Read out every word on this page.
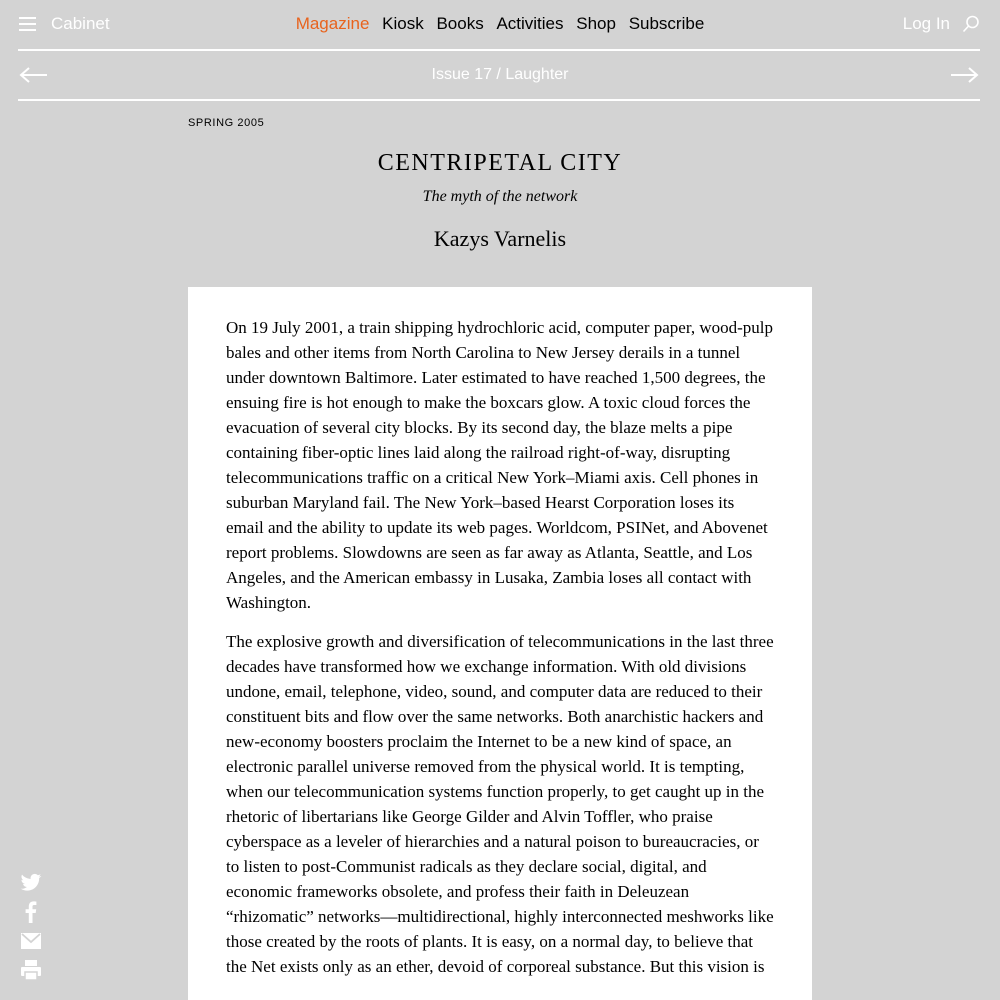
Cabinet	Magazine Kiosk Books Activities Shop Subscribe	Log In
Issue 17 / Laughter
SPRING 2005
CENTRIPETAL CITY
The myth of the network
Kazys Varnelis

On 19 July 2001, a train shipping hydrochloric acid, computer paper, wood-pulp bales and other items from North Carolina to New Jersey derails in a tunnel under downtown Baltimore. Later estimated to have reached 1,500 degrees, the ensuing fire is hot enough to make the boxcars glow. A toxic cloud forces the evacuation of several city blocks. By its second day, the blaze melts a pipe containing fiber-optic lines laid along the railroad right-of-way, disrupting telecommunications traffic on a critical New York–Miami axis. Cell phones in suburban Maryland fail. The New York–based Hearst Corporation loses its email and the ability to update its web pages. Worldcom, PSINet, and Abovenet report problems. Slowdowns are seen as far away as Atlanta, Seattle, and Los Angeles, and the American embassy in Lusaka, Zambia loses all contact with Washington.

The explosive growth and diversification of telecommunications in the last three decades have transformed how we exchange information. With old divisions undone, email, telephone, video, sound, and computer data are reduced to their constituent bits and flow over the same networks. Both anarchistic hackers and new-economy boosters proclaim the Internet to be a new kind of space, an electronic parallel universe removed from the physical world. It is tempting, when our telecommunication systems function properly, to get caught up in the rhetoric of libertarians like George Gilder and Alvin Toffler, who praise cyberspace as a leveler of hierarchies and a natural poison to bureaucracies, or to listen to post-Communist radicals as they declare social, digital, and economic frameworks obsolete, and profess their faith in Deleuzean “rhizomatic” networks—multidirectional, highly interconnected meshworks like those created by the roots of plants. It is easy, on a normal day, to believe that the Net exists only as an ether, devoid of corporeal substance. But this vision is
